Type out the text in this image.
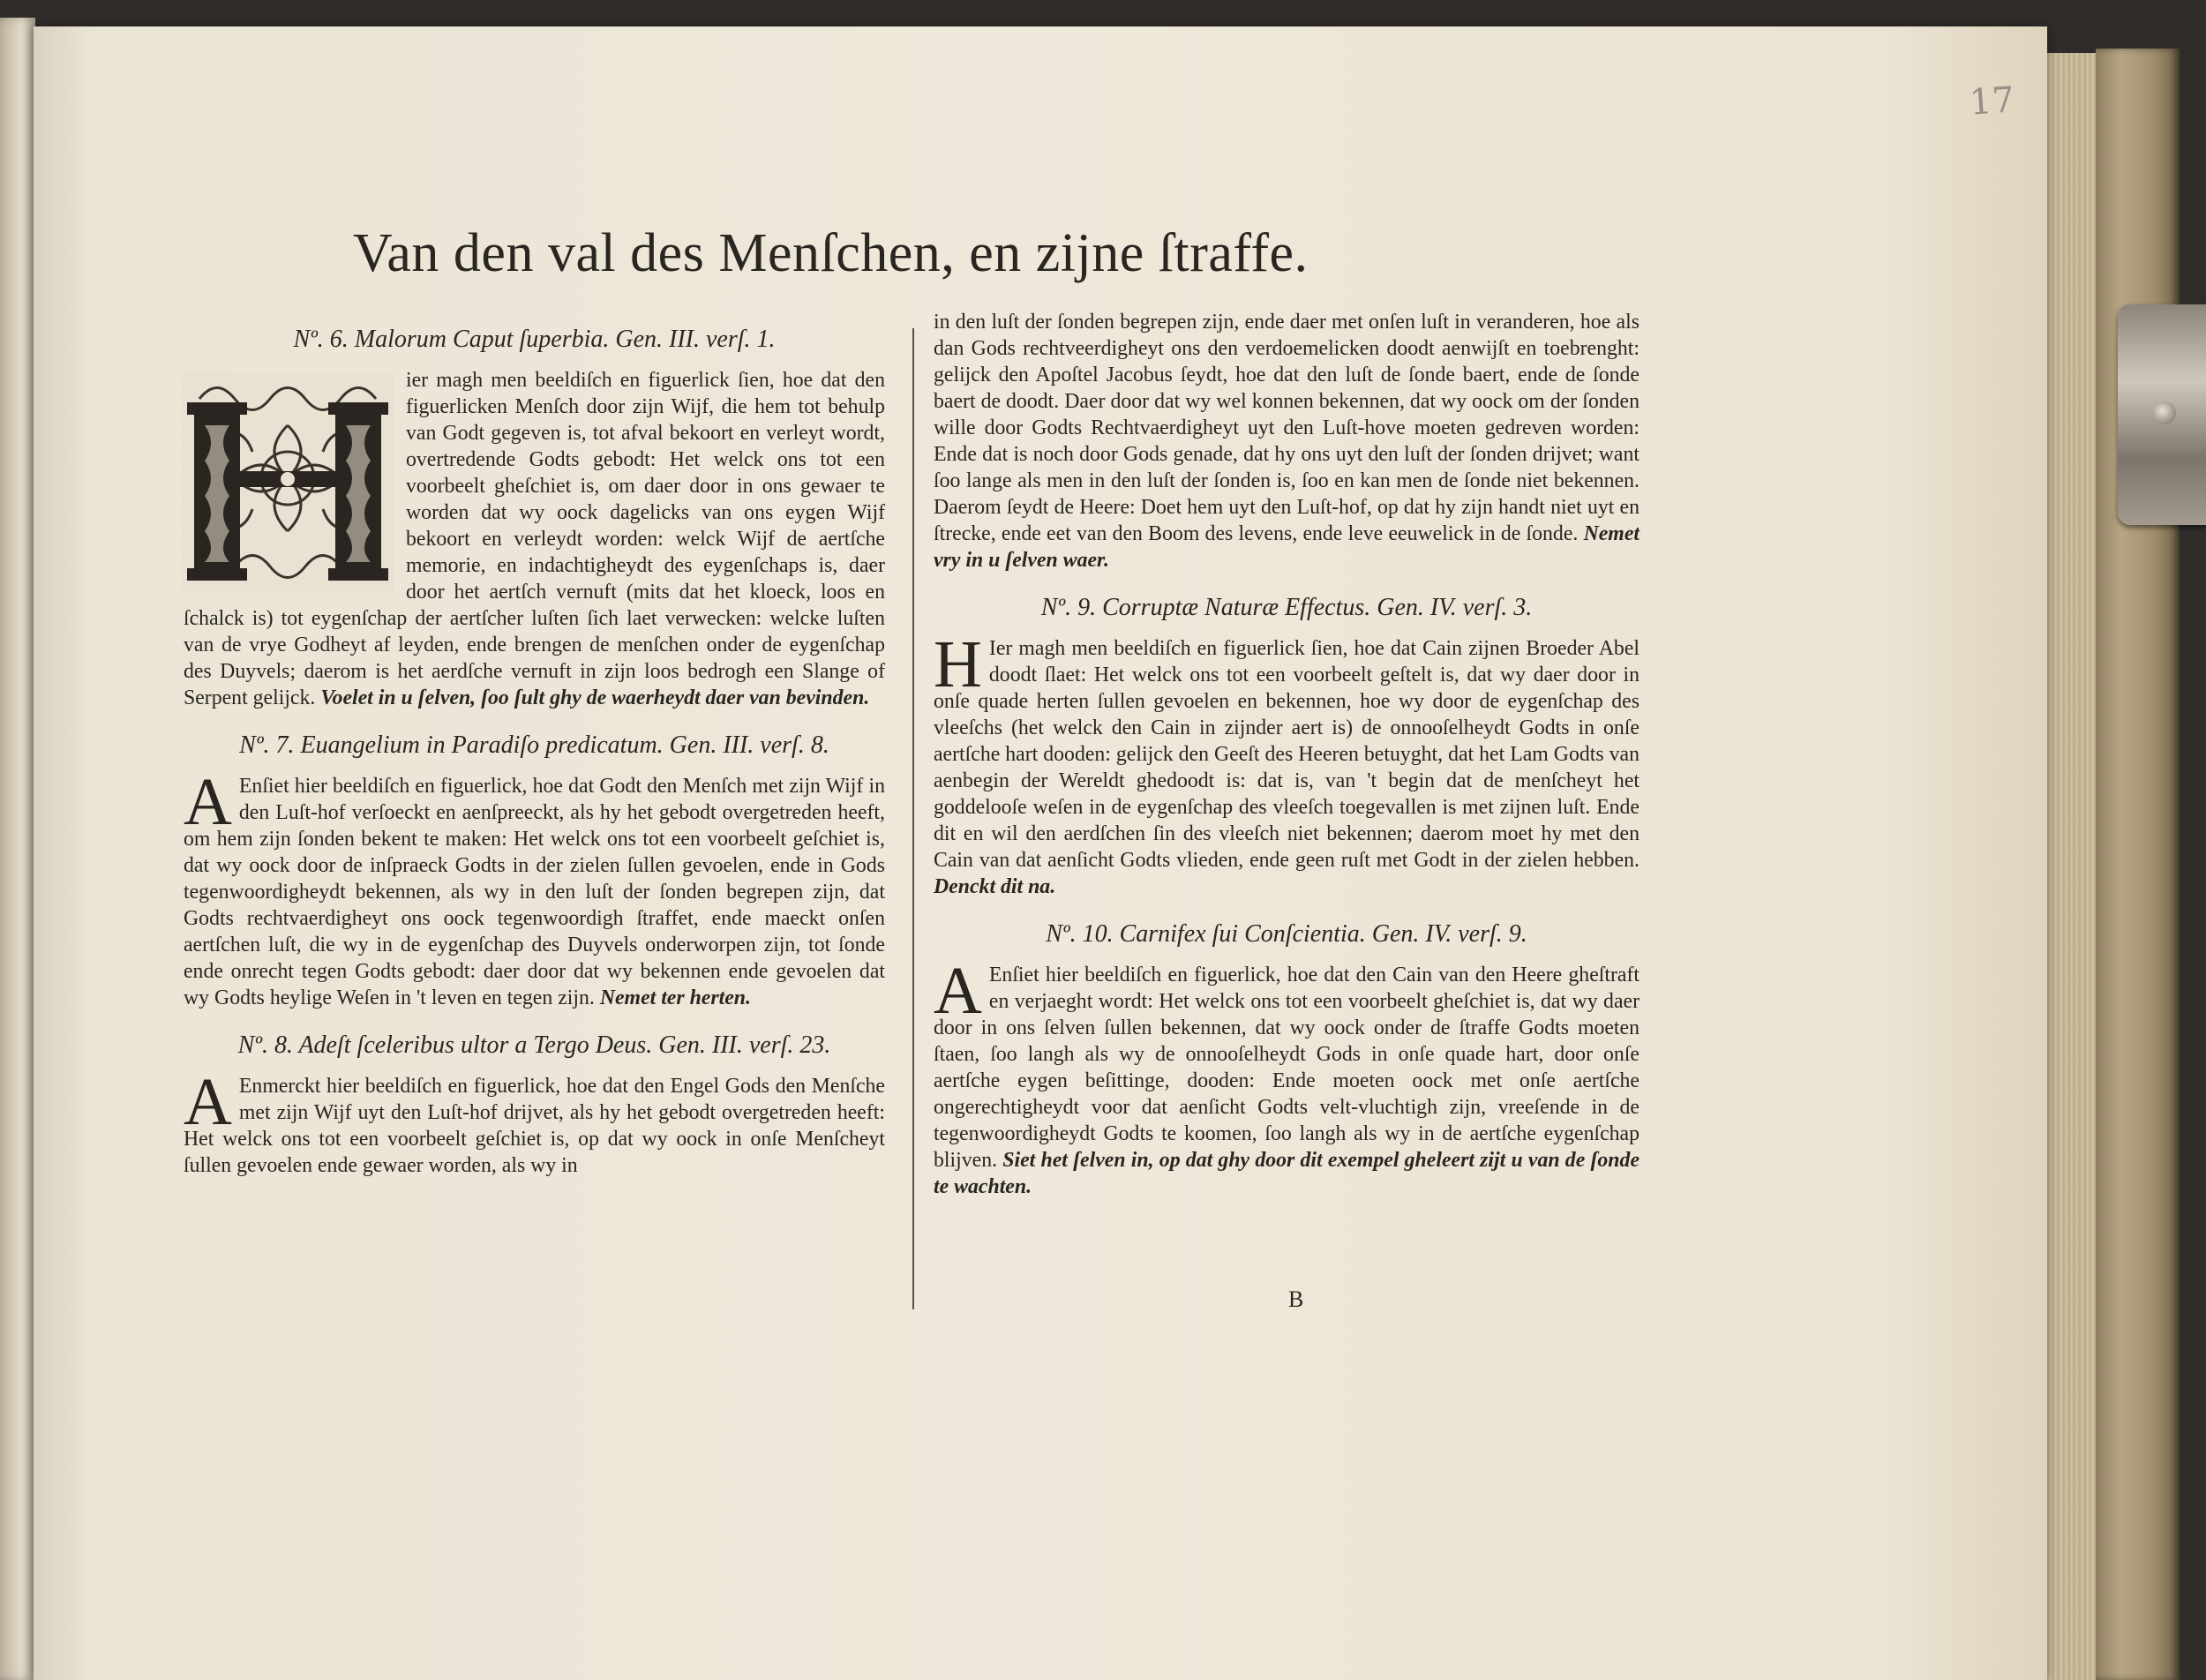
17
Van den val des Menſchen, en zijne ſtraffe.
Nº. 6. Malorum Caput ſuperbia. Gen. III. verſ. 1.
ier magh men beeldiſch en figuerlick ſien, hoe dat den figuerlicken Menſch door zijn Wijf, die hem tot behulp van Godt gegeven is, tot afval bekoort en verleyt wordt, overtredende Godts gebodt: Het welck ons tot een voorbeelt gheſchiet is, om daer door in ons gewaer te worden dat wy oock dagelicks van ons eygen Wijf bekoort en verleydt worden: welck Wijf de aertſche memorie, en indachtigheydt des eygenſchaps is, daer door het aertſch vernuft (mits dat het kloeck, loos en ſchalck is) tot eygenſchap der aertſcher luſten ſich laet verwecken: welcke luſten van de vrye Godheyt af leyden, ende brengen de menſchen onder de eygenſchap des Duyvels; daerom is het aerdſche vernuft in zijn loos bedrogh een Slange of Serpent gelijck. Voelet in u ſelven, ſoo ſult ghy de waerheydt daer van bevinden.
Nº. 7. Euangelium in Paradiſo predicatum. Gen. III. verſ. 8.
A Enſiet hier beeldiſch en figuerlick, hoe dat Godt den Menſch met zijn Wijf in den Luſt-hof verſoeckt en aenſpreeckt, als hy het gebodt overgetreden heeft, om hem zijn ſonden bekent te maken: Het welck ons tot een voorbeelt geſchiet is, dat wy oock door de inſpraeck Godts in der zielen ſullen gevoelen, ende in Gods tegenwoordigheydt bekennen, als wy in den luſt der ſonden begrepen zijn, dat Godts rechtvaerdigheyt ons oock tegenwoordigh ſtraffet, ende maeckt onſen aertſchen luſt, die wy in de eygenſchap des Duyvels onderworpen zijn, tot ſonde ende onrecht tegen Godts gebodt: daer door dat wy bekennen ende gevoelen dat wy Godts heylige Weſen in 't leven en tegen zijn. Nemet ter herten.
Nº. 8. Adeſt ſceleribus ultor a Tergo Deus. Gen. III. verſ. 23.
A Enmerckt hier beeldiſch en figuerlick, hoe dat den Engel Gods den Menſche met zijn Wijf uyt den Luſt-hof drijvet, als hy het gebodt overgetreden heeft: Het welck ons tot een voorbeelt geſchiet is, op dat wy oock in onſe Menſcheyt ſullen gevoelen ende gewaer worden, als wy in
in den luſt der ſonden begrepen zijn, ende daer met onſen luſt in veranderen, hoe als dan Gods rechtveerdigheyt ons den verdoemelicken doodt aenwijſt en toebrenght: gelijck den Apoſtel Jacobus ſeydt, hoe dat den luſt de ſonde baert, ende de ſonde baert de doodt. Daer door dat wy wel konnen bekennen, dat wy oock om der ſonden wille door Godts Rechtvaerdigheyt uyt den Luſt-hove moeten gedreven worden: Ende dat is noch door Gods genade, dat hy ons uyt den luſt der ſonden drijvet; want ſoo lange als men in den luſt der ſonden is, ſoo en kan men de ſonde niet bekennen. Daerom ſeydt de Heere: Doet hem uyt den Luſt-hof, op dat hy zijn handt niet uyt en ſtrecke, ende eet van den Boom des levens, ende leve eeuwelick in de ſonde. Nemet vry in u ſelven waer.
Nº. 9. Corruptæ Naturæ Effectus. Gen. IV. verſ. 3.
H Ier magh men beeldiſch en figuerlick ſien, hoe dat Cain zijnen Broeder Abel doodt ſlaet: Het welck ons tot een voorbeelt geſtelt is, dat wy daer door in onſe quade herten ſullen gevoelen en bekennen, hoe wy door de eygenſchap des vleeſchs (het welck den Cain in zijnder aert is) de onnooſelheydt Godts in onſe aertſche hart dooden: gelijck den Geeſt des Heeren betuyght, dat het Lam Godts van aenbegin der Wereldt ghedoodt is: dat is, van 't begin dat de menſcheyt het goddelooſe weſen in de eygenſchap des vleeſch toegevallen is met zijnen luſt. Ende dit en wil den aerdſchen ſin des vleeſch niet bekennen; daerom moet hy met den Cain van dat aenſicht Godts vlieden, ende geen ruſt met Godt in der zielen hebben. Denckt dit na.
Nº. 10. Carnifex ſui Conſcientia. Gen. IV. verſ. 9.
A Enſiet hier beeldiſch en figuerlick, hoe dat den Cain van den Heere gheſtraft en verjaeght wordt: Het welck ons tot een voorbeelt gheſchiet is, dat wy daer door in ons ſelven ſullen bekennen, dat wy oock onder de ſtraffe Godts moeten ſtaen, ſoo langh als wy de onnooſelheydt Gods in onſe quade hart, door onſe aertſche eygen beſittinge, dooden: Ende moeten oock met onſe aertſche ongerechtigheydt voor dat aenſicht Godts velt-vluchtigh zijn, vreeſende in de tegenwoordigheydt Godts te koomen, ſoo langh als wy in de aertſche eygenſchap blijven. Siet het ſelven in, op dat ghy door dit exempel gheleert zijt u van de ſonde te wachten.
B
